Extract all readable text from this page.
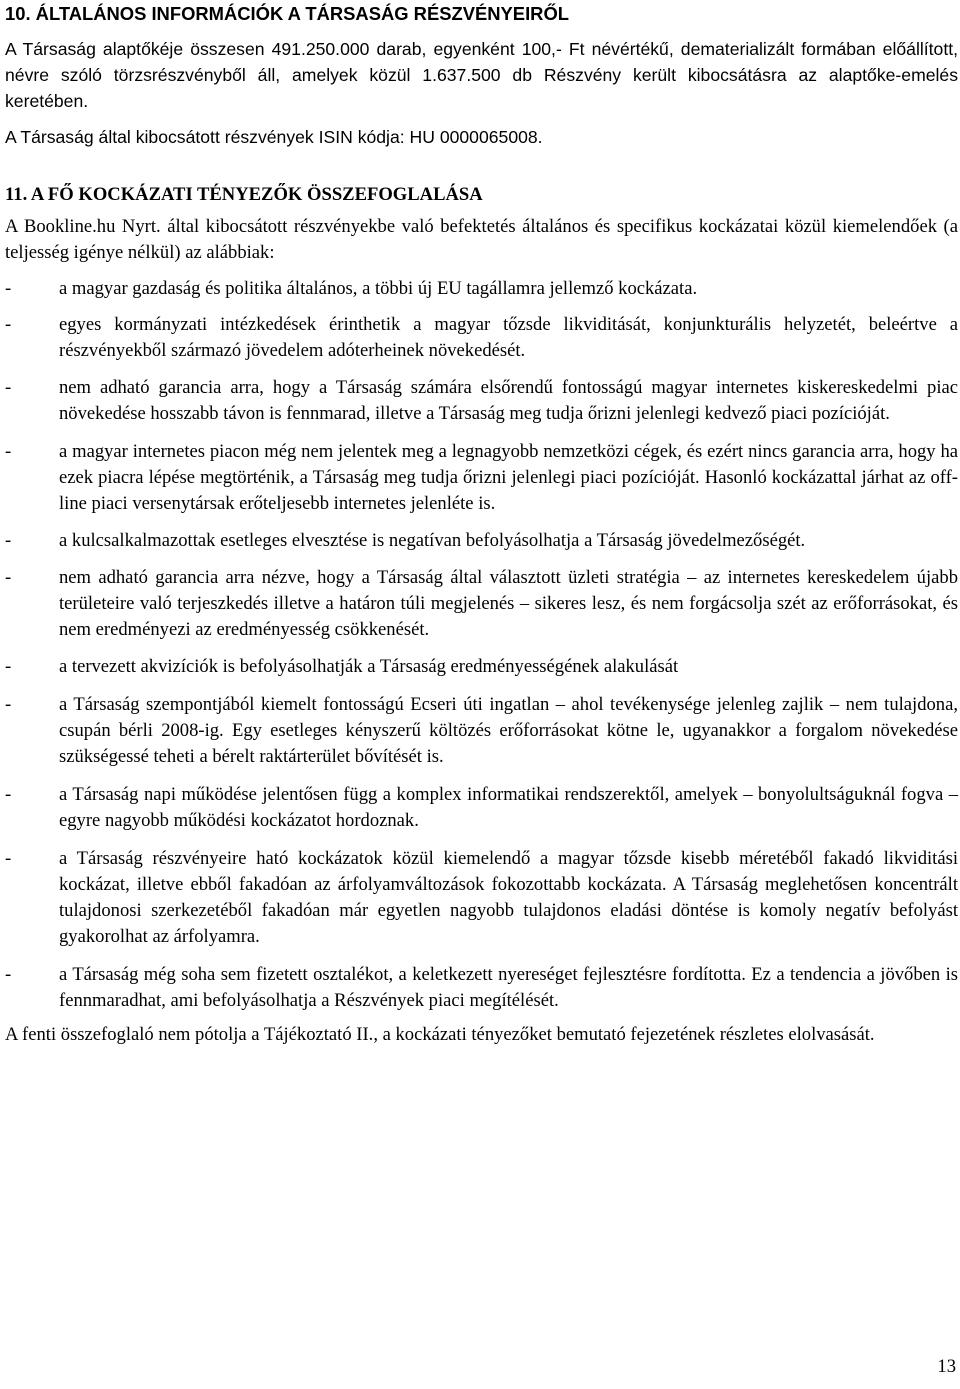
10. ÁLTALÁNOS INFORMÁCIÓK A TÁRSASÁG RÉSZVÉNYEIRŐL

A Társaság alaptőkéje összesen 491.250.000 darab, egyenként 100,- Ft névértékű, dematerializált formában előállított, névre szóló törzsrészvényből áll, amelyek közül 1.637.500 db Részvény került kibocsátásra az alaptőke-emelés keretében.

A Társaság által kibocsátott részvények ISIN kódja: HU 0000065008.

11. A FŐ KOCKÁZATI TÉNYEZŐK ÖSSZEFOGLALÁSA

A Bookline.hu Nyrt. által kibocsátott részvényekbe való befektetés általános és specifikus kockázatai közül kiemelendőek (a teljesség igénye nélkül) az alábbiak:

-	a magyar gazdaság és politika általános, a többi új EU tagállamra jellemző kockázata.
-	egyes kormányzati intézkedések érinthetik a magyar tőzsde likviditását, konjunkturális helyzetét, beleértve a részvényekből származó jövedelem adóterheinek növekedését.
-	nem adható garancia arra, hogy a Társaság számára elsőrendű fontosságú magyar internetes kiskereskedelmi piac növekedése hosszabb távon is fennmarad, illetve a Társaság meg tudja őrizni jelenlegi kedvező piaci pozícióját.
-	a magyar internetes piacon még nem jelentek meg a legnagyobb nemzetközi cégek, és ezért nincs garancia arra, hogy ha ezek piacra lépése megtörténik, a Társaság meg tudja őrizni jelenlegi piaci pozícióját. Hasonló kockázattal járhat az off-line piaci versenytársak erőteljesebb internetes jelenléte is.
-	a kulcsalkalmazottak esetleges elvesztése is negatívan befolyásolhatja a Társaság jövedelmezőségét.
-	nem adható garancia arra nézve, hogy a Társaság által választott üzleti stratégia – az internetes kereskedelem újabb területeire való terjeszkedés illetve a határon túli megjelenés – sikeres lesz, és nem forgácsolja szét az erőforrásokat, és nem eredményezi az eredményesség csökkenését.
-	a tervezett akvizíciók is befolyásolhatják a Társaság eredményességének alakulását
-	a Társaság szempontjából kiemelt fontosságú Ecseri úti ingatlan – ahol tevékenysége jelenleg zajlik – nem tulajdona, csupán bérli 2008-ig. Egy esetleges kényszerű költözés erőforrásokat kötne le, ugyanakkor a forgalom növekedése szükségessé teheti a bérelt raktárterület bővítését is.
-	a Társaság napi működése jelentősen függ a komplex informatikai rendszerektől, amelyek – bonyolultságuknál fogva – egyre nagyobb működési kockázatot hordoznak.
-	a Társaság részvényeire ható kockázatok közül kiemelendő a magyar tőzsde kisebb méretéből fakadó likviditási kockázat, illetve ebből fakadóan az árfolyamváltozások fokozottabb kockázata. A Társaság meglehetősen koncentrált tulajdonosi szerkezetéből fakadóan már egyetlen nagyobb tulajdonos eladási döntése is komoly negatív befolyást gyakorolhat az árfolyamra.
-	a Társaság még soha sem fizetett osztalékot, a keletkezett nyereséget fejlesztésre fordította. Ez a tendencia a jövőben is fennmaradhat, ami befolyásolhatja a Részvények piaci megítélését.

A fenti összefoglaló nem pótolja a Tájékoztató II., a kockázati tényezőket bemutató fejezetének részletes elolvasását.

13
